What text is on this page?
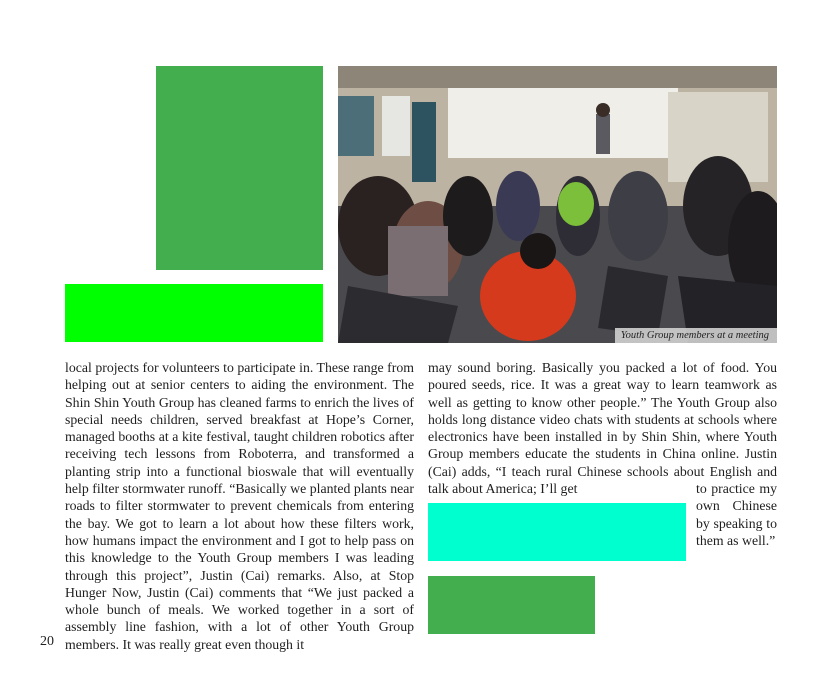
Youth Group members at a meeting

local projects for volunteers to participate in. These range from helping out at senior centers to aiding the environment. The Shin Shin Youth Group has cleaned farms to enrich the lives of special needs children, served breakfast at Hope’s Corner, managed booths at a kite festival, taught children robotics after receiving tech lessons from Roboterra, and transformed a planting strip into a functional bioswale that will eventually help filter stormwater runoff. “Basically we planted plants near roads to filter stormwater to prevent chemicals from entering the bay. We got to learn a lot about how these filters work, how humans impact the environment and I got to help pass on this knowledge to the Youth Group members I was leading through this project”, Justin (Cai) remarks. Also, at Stop Hunger Now, Justin (Cai) comments that “We just packed a whole bunch of meals. We worked together in a sort of assembly line fashion, with a lot of other Youth Group members. It was really great even though it

may sound boring. Basically you packed a lot of food. You poured seeds, rice. It was a great way to learn teamwork as well as getting to know other people.” The Youth Group also holds long distance video chats with students at schools where electronics have been installed in by Shin Shin, where Youth Group members educate the students in China online. Justin (Cai) adds, “I teach rural Chinese schools about English and talk about America; I’ll get	to practice my own Chinese by speaking to them as well.”

20
